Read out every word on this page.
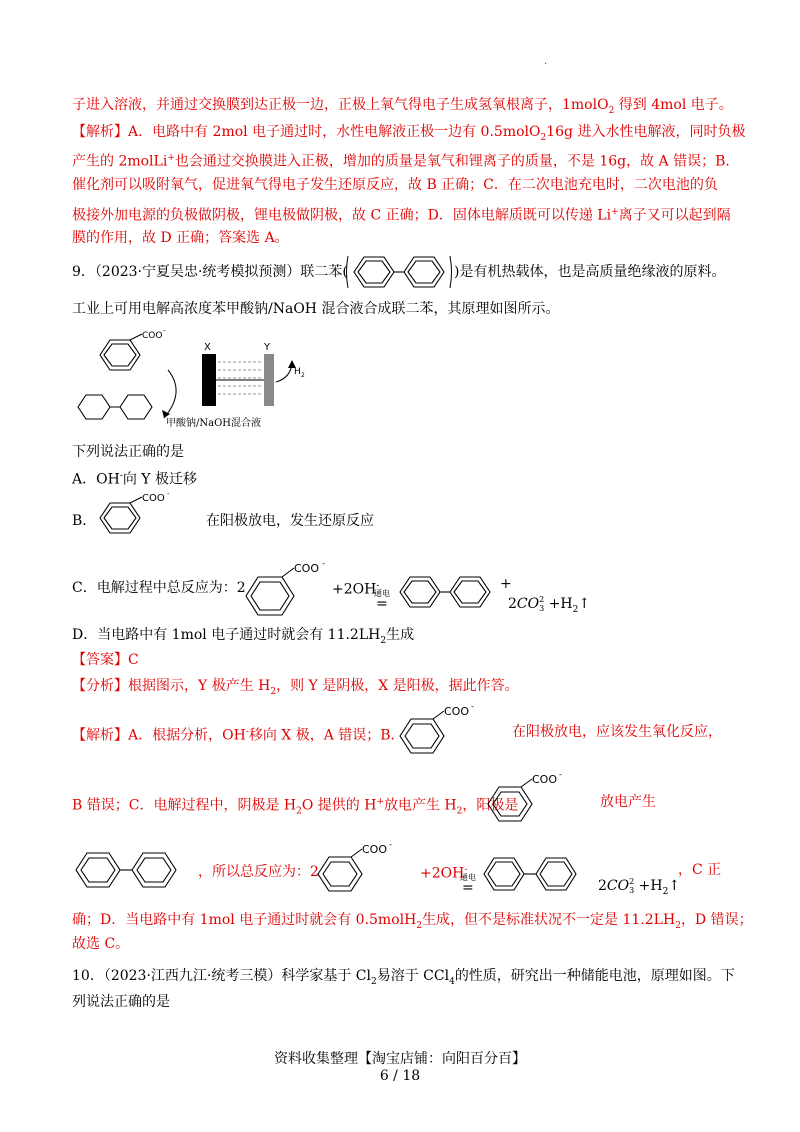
.
子进入溶液，并通过交换膜到达正极一边，正极上氧气得电子生成氢氧根离子，1molO$_2$ 得到 4mol 电子。
【解析】A．电路中有 2mol 电子通过时，水性电解液正极一边有 0.5molO$_2$16g 进入水性电解液，同时负极
产生的 2molLi+也会通过交换膜进入正极，增加的质量是氧气和锂离子的质量，不是 16g，故 A 错误；B．
催化剂可以吸附氧气，促进氧气得电子发生还原反应，故 B 正确；C．在二次电池充电时，二次电池的负
极接外加电源的负极做阴极，锂电极做阴极，故 C 正确；D．固体电解质既可以传递 Li+离子又可以起到隔
膜的作用，故 D 正确；答案选 A。
9．（2023·宁夏吴忠·统考模拟预测）联二苯(	)是有机热载体，也是高质量绝缘液的原料。
工业上可用电解高浓度苯甲酸钠/NaOH 混合液合成联二苯，其原理如图所示。
COO -
X	Y
H 2
甲酸钠/NaOH混合液
下列说法正确的是
A．OH-向 Y 极迁移
B．
COO -
在阳极放电，发生还原反应
C．电解过程中总反应为：2
COO -
+2OH-
通电
=
+
2CO2
$3 +H_2↑$
D．当电路中有 1mol 电子通过时就会有 $11.2LH_2$生成
【答案】C
【分析】根据图示，Y 极产生 $H_2$，则 Y 是阴极，X 是阳极，据此作答。
【解析】A．根据分析，OH-移向 X 极，A 错误；B．
COO -
在阳极放电，应该发生氧化反应，
B 错误；C．电解过程中，阴极是 $H_2O$ 提供的 H+放电产生 $H_2$，阳极是
COO -
放电产生
，所以总反应为：2
COO -
+2OH-
通电
=	2CO2
$3 +H_2↑$
，C 正
确；D．当电路中有 1mol 电子通过时就会有 0.5molH$_2$生成，但不是标准状况不一定是 $11.2LH_2$，D 错误；
故选 C。
10．（2023·江西九江·统考三模）科学家基于 $Cl_2$易溶于 CCl$_4$的性质，研究出一种储能电池，原理如图。下
列说法正确的是
资料收集整理【淘宝店铺：向阳百分百】
6 / 18
